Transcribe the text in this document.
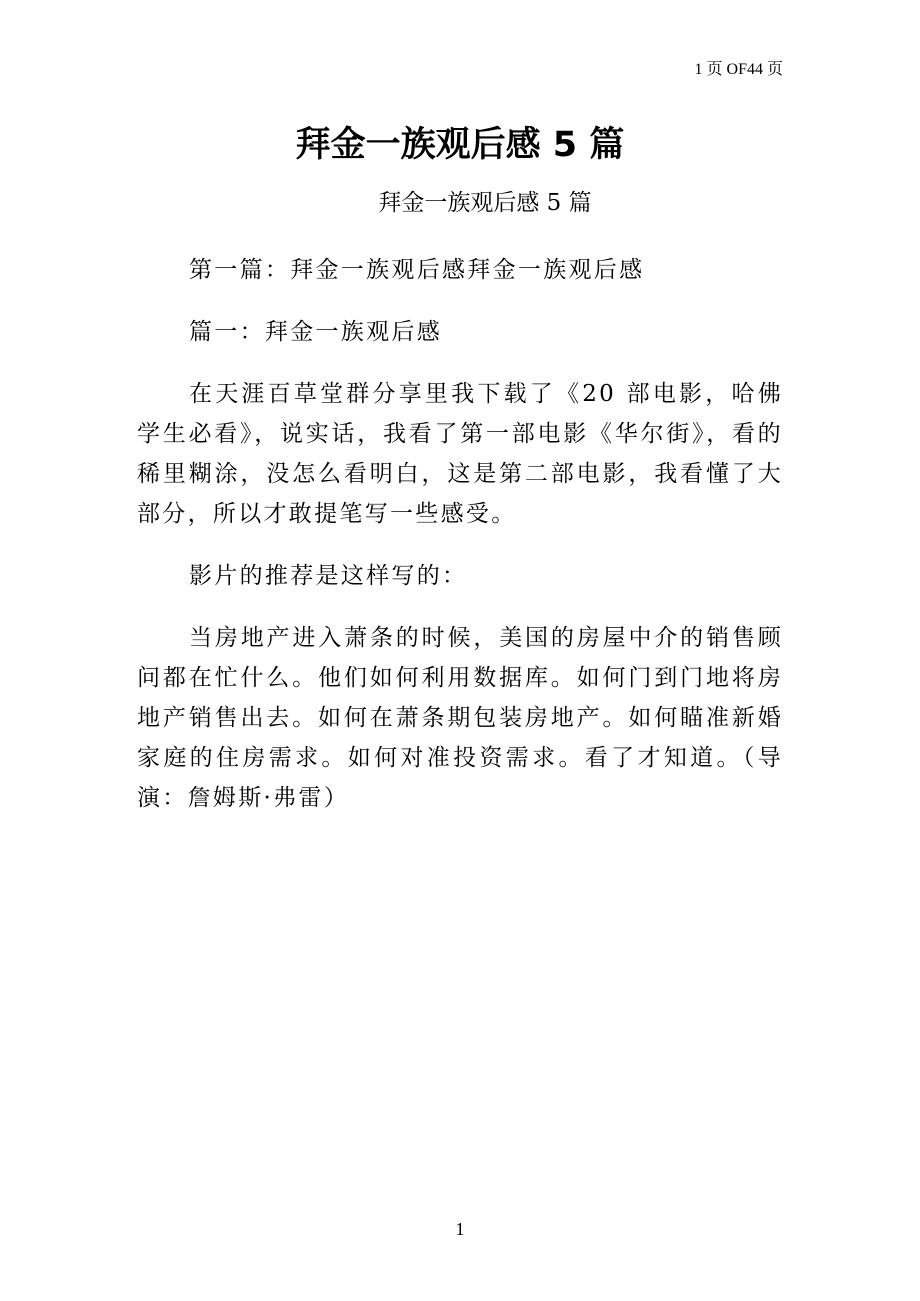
1 页 OF44 页
拜金一族观后感 5 篇
拜金一族观后感 5 篇

第一篇：拜金一族观后感拜金一族观后感

篇一：拜金一族观后感

在天涯百草堂群分享里我下载了《20 部电影，哈佛学生必看》，说实话，我看了第一部电影《华尔街》，看的稀里糊涂，没怎么看明白，这是第二部电影，我看懂了大部分，所以才敢提笔写一些感受。

影片的推荐是这样写的：

当房地产进入萧条的时候，美国的房屋中介的销售顾问都在忙什么。他们如何利用数据库。如何门到门地将房地产销售出去。如何在萧条期包装房地产。如何瞄准新婚家庭的住房需求。如何对准投资需求。看了才知道。（导演：詹姆斯·弗雷）

1
